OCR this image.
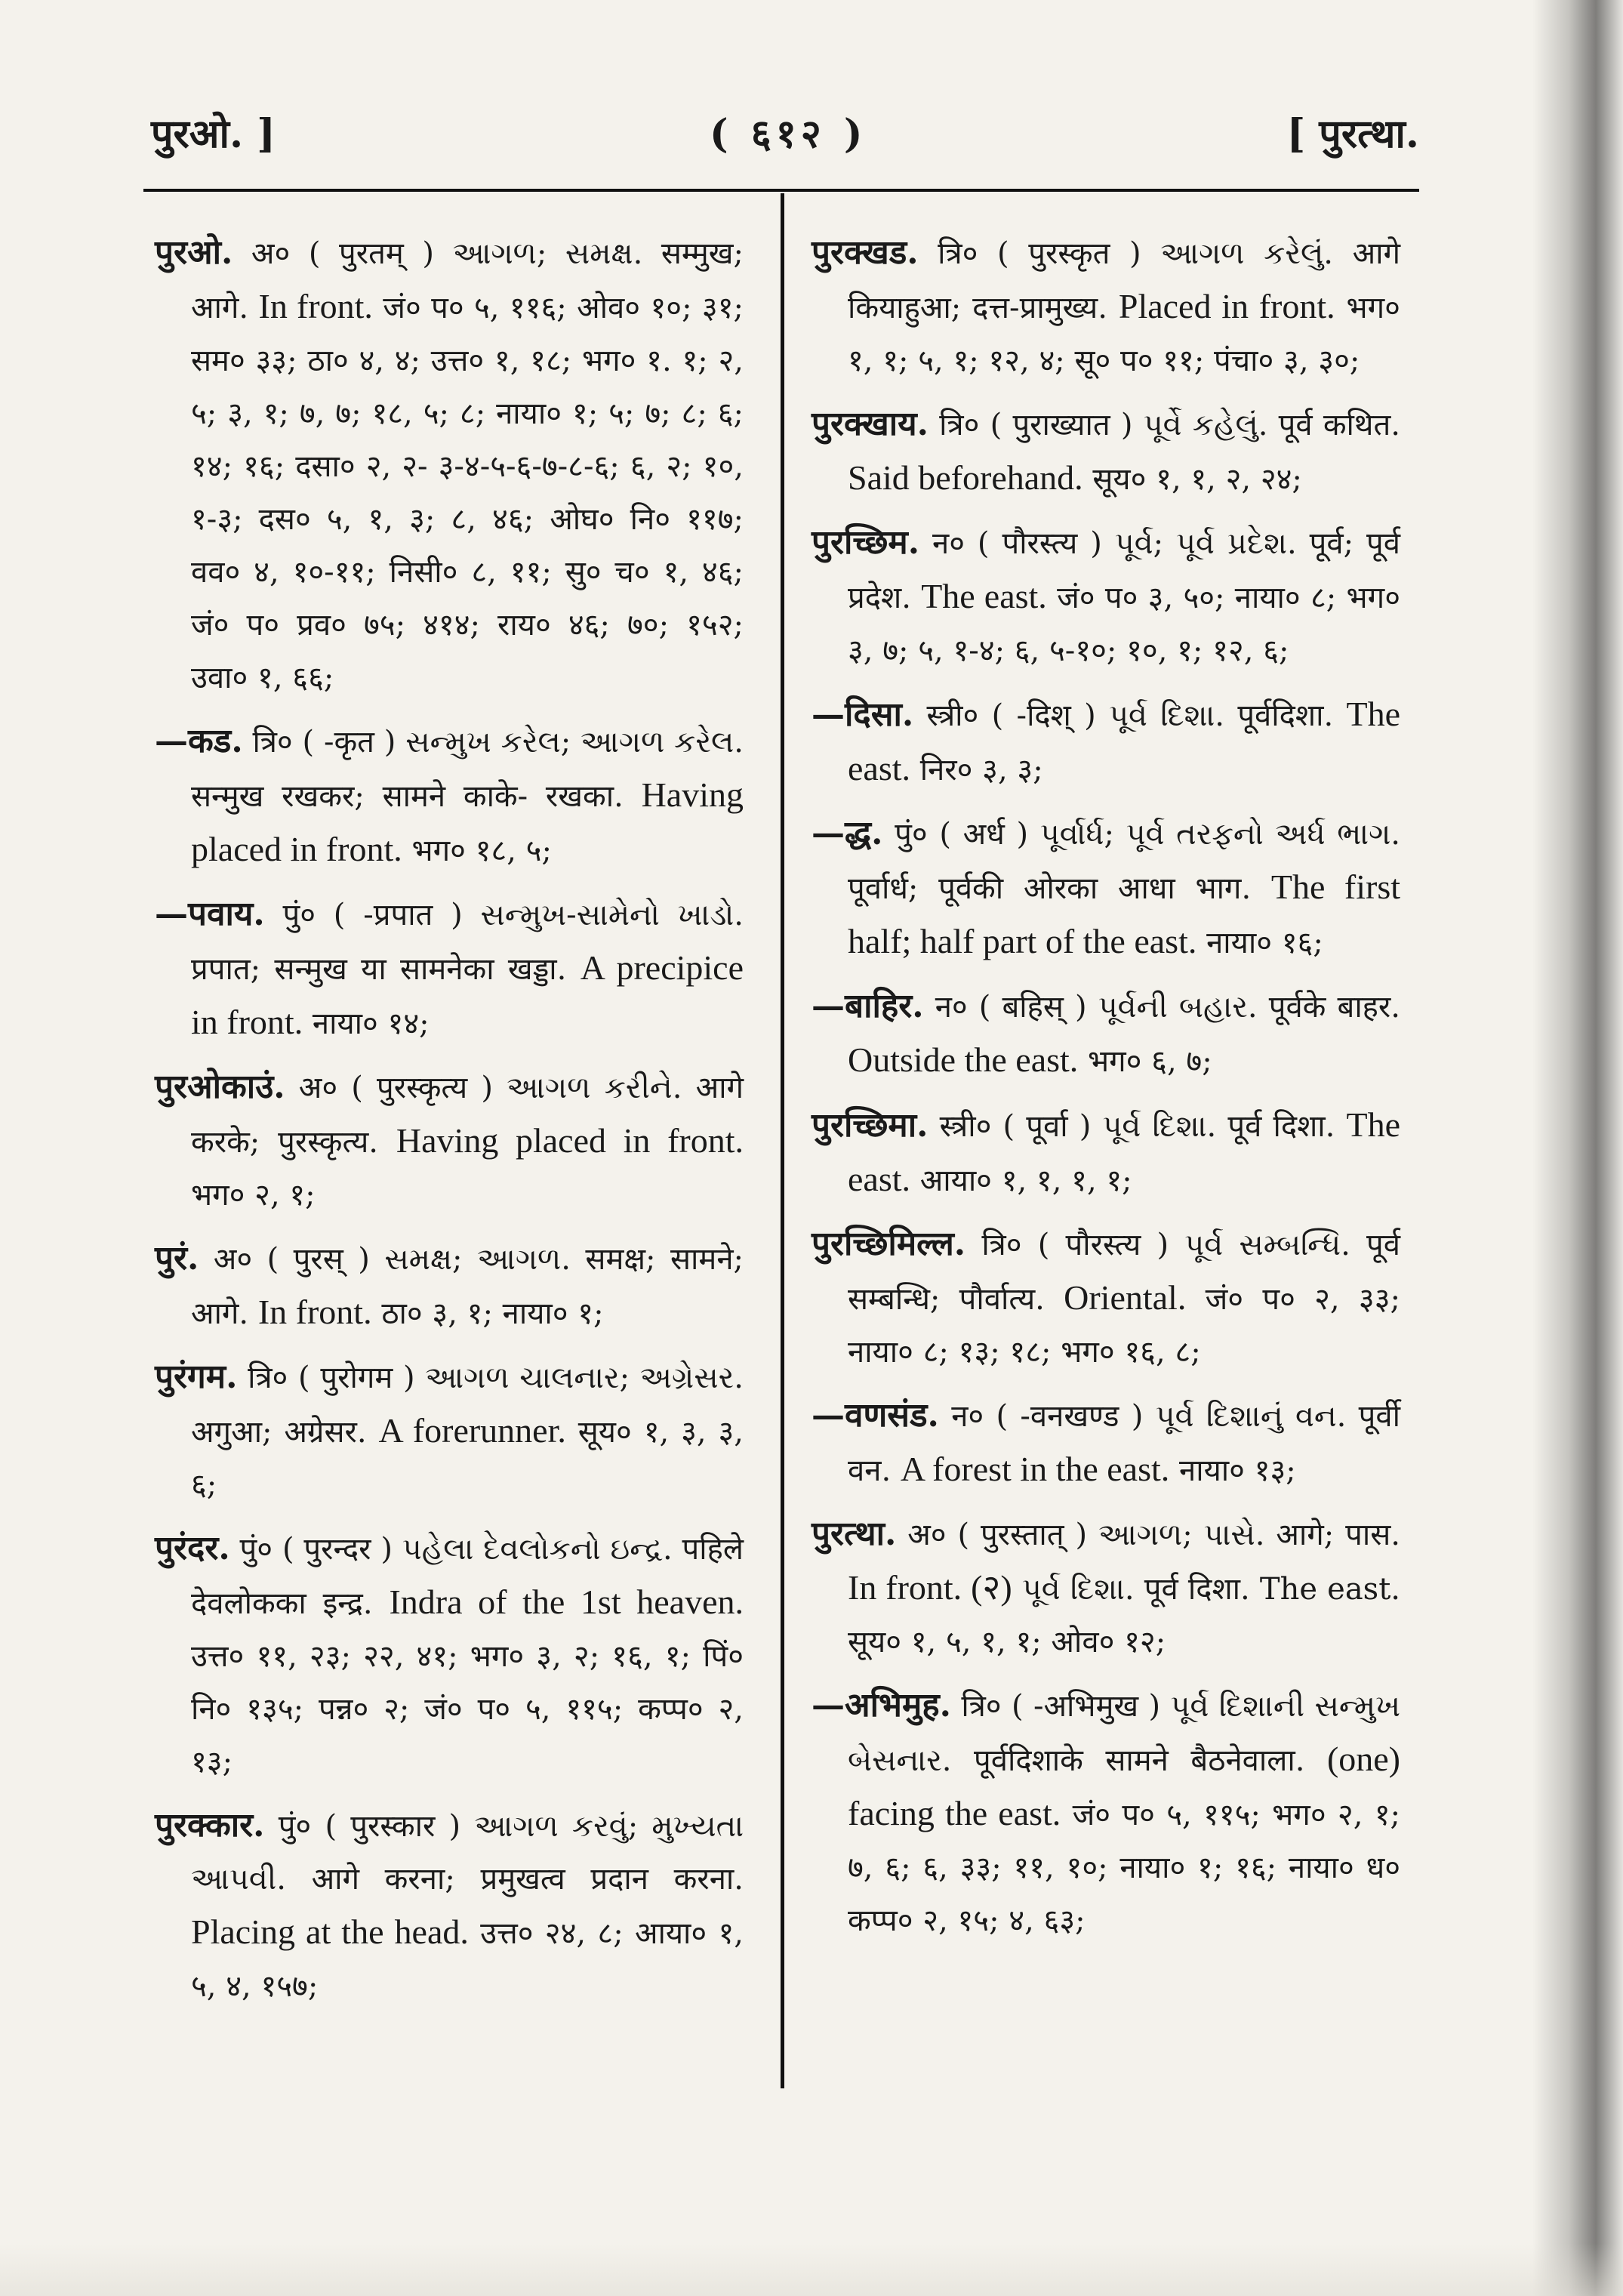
पुरओ. ]	( ६१२ )	[ पुरत्था.

पुरओ. अ० ( पुरतम् ) આગળ; સમક્ષ. सम्मुख; आगे. In front. जं० प० ५, ११६; ओव० १०; ३१; सम० ३३; ठा० ४, ४; उत्त० १, १८; भग० १. १; २, ५; ३, १; ७, ७; १८, ५; ८; नाया० १; ५; ७; ८; ६; १४; १६; दसा० २, २- ३-४-५-६-७-८-६; ६, २; १०, १-३; दस० ५, १, ३; ८, ४६; ओघ० नि० ११७; वव० ४, १०-११; निसी० ८, ११; सु० च० १, ४६; जं० प० प्रव० ७५; ४१४; राय० ४६; ७०; १५२; उवा० १, ६६;

—कड. त्रि० ( -कृत ) સન્મુખ કરેલ; આગળ કરેલ. सन्मुख रखकर; सामने काके- रखका. Having placed in front. भग० १८, ५;

—पवाय. पुं० ( -प्रपात ) સન્મુખ-સામેનો ખાડો. प्रपात; सन्मुख या सामनेका खड्डा. A precipice in front. नाया० १४;

पुरओकाउं. अ० ( पुरस्कृत्य ) આગળ કરીને. आगे करके; पुरस्कृत्य. Having placed in front. भग० २, १;

पुरं. अ० ( पुरस् ) સમક્ષ; આગળ. समक्ष; सामने; आगे. In front. ठा० ३, १; नाया० १;

पुरंगम. त्रि० ( पुरोगम ) આગળ ચાલનાર; અગ્રેસર. अगुआ; अग्रेसर. A forerunner. सूय० १, ३, ३, ६;

पुरंदर. पुं० ( पुरन्दर ) પહેલા દેવલોકનો ઇન્દ્ર. पहिले देवलोकका इन्द्र. Indra of the 1st heaven. उत्त० ११, २३; २२, ४१; भग० ३, २; १६, १; पिं० नि० १३५; पन्न० २; जं० प० ५, ११५; कप्प० २, १३;

पुरक्कार. पुं० ( पुरस्कार ) આગળ કરવું; મુખ્યતા આપવી. आगे करना; प्रमुखत्व प्रदान करना. Placing at the head. उत्त० २४, ८; आया० १, ५, ४, १५७;

पुरक्खड. त्रि० ( पुरस्कृत ) આગળ કરેલું. आगे कियाहुआ; दत्त-प्रामुख्य. Placed in front. भग० १, १; ५, १; १२, ४; सू० प० ११; पंचा० ३, ३०;

पुरक्खाय. त्रि० ( पुराख्यात ) પૂર્વે કહેલું. पूर्व कथित. Said beforehand. सूय० १, १, २, २४;

पुरच्छिम. न० ( पौरस्त्य ) પૂર્વ; પૂર્વ પ્રદેશ. पूर्व; पूर्व प्रदेश. The east. जं० प० ३, ५०; नाया० ८; भग० ३, ७; ५, १-४; ६, ५-१०; १०, १; १२, ६;

—दिसा. स्त्री० ( -दिश् ) પૂર્વ દિશા. पूर्वदिशा. The east. निर० ३, ३;

—द्ध. पुं० ( अर्ध ) પૂર્વાર્ધ; પૂર્વ તરફનો અર્ધ ભાગ. पूर्वार्ध; पूर्वकी ओरका आधा भाग. The first half; half part of the east. नाया० १६;

—बाहिर. न० ( बहिस् ) પૂર્વની બહાર. पूर्वके बाहर. Outside the east. भग० ६, ७;

पुरच्छिमा. स्त्री० ( पूर्वा ) પૂર્વ દિશા. पूर्व दिशा. The east. आया० १, १, १, १;

पुरच्छिमिल्ल. त्रि० ( पौरस्त्य ) પૂર્વ સમ્બન્ધિ. पूर्व सम्बन्धि; पौर्वात्य. Oriental. जं० प० २, ३३; नाया० ८; १३; १८; भग० १६, ८;

—वणसंड. न० ( -वनखण्ड ) પૂર્વ દિશાનું વન. पूर्वी वन. A forest in the east. नाया० १३;

पुरत्था. अ० ( पुरस्तात् ) આગળ; પાસે. आगे; पास. In front. (२) પૂર્વ દિશા. पूर्व दिशा. The east. सूय० १, ५, १, १; ओव० १२;

—अभिमुह. त्रि० ( -अभिमुख ) પૂર્વ દિશાની સન્મુખ બેસનાર. पूर्वदिशाके सामने बैठनेवाला. (one) facing the east. जं० प० ५, ११५; भग० २, १; ७, ६; ६, ३३; ११, १०; नाया० १; १६; नाया० ध० कप्प० २, १५; ४, ६३;
